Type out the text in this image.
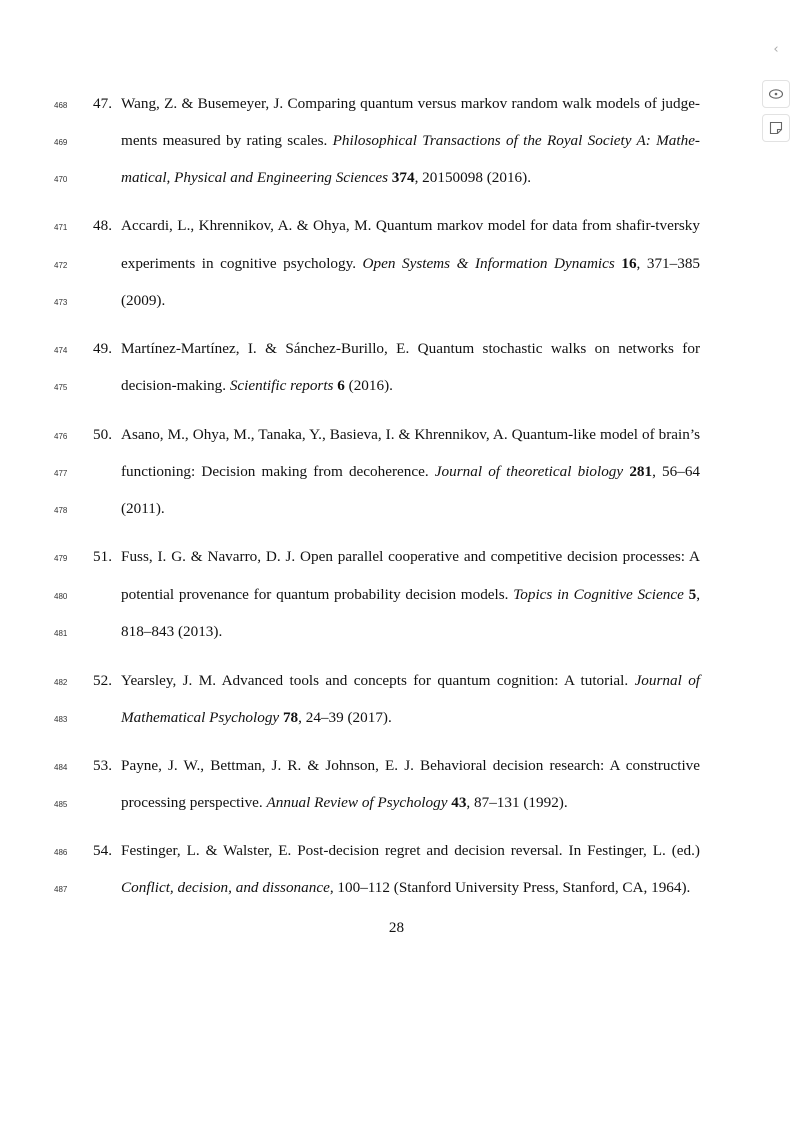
468	47. Wang, Z. & Busemeyer, J. Comparing quantum versus markov random walk models of judge-
469	ments measured by rating scales. Philosophical Transactions of the Royal Society A: Mathe-
470	matical, Physical and Engineering Sciences 374, 20150098 (2016).
471	48. Accardi, L., Khrennikov, A. & Ohya, M. Quantum markov model for data from shafir-tversky
472	experiments in cognitive psychology. Open Systems & Information Dynamics 16, 371–385
473	(2009).
474	49. Martínez-Martínez, I. & Sánchez-Burillo, E. Quantum stochastic walks on networks for
475	decision-making. Scientific reports 6 (2016).
476	50. Asano, M., Ohya, M., Tanaka, Y., Basieva, I. & Khrennikov, A. Quantum-like model of brain’s
477	functioning: Decision making from decoherence. Journal of theoretical biology 281, 56–64
478	(2011).
479	51. Fuss, I. G. & Navarro, D. J. Open parallel cooperative and competitive decision processes: A
480	potential provenance for quantum probability decision models. Topics in Cognitive Science 5,
481	818–843 (2013).
482	52. Yearsley, J. M. Advanced tools and concepts for quantum cognition: A tutorial. Journal of
483	Mathematical Psychology 78, 24–39 (2017).
484	53. Payne, J. W., Bettman, J. R. & Johnson, E. J. Behavioral decision research: A constructive
485	processing perspective. Annual Review of Psychology 43, 87–131 (1992).
486	54. Festinger, L. & Walster, E. Post-decision regret and decision reversal. In Festinger, L. (ed.)
487	Conflict, decision, and dissonance, 100–112 (Stanford University Press, Stanford, CA, 1964).
28
‹
